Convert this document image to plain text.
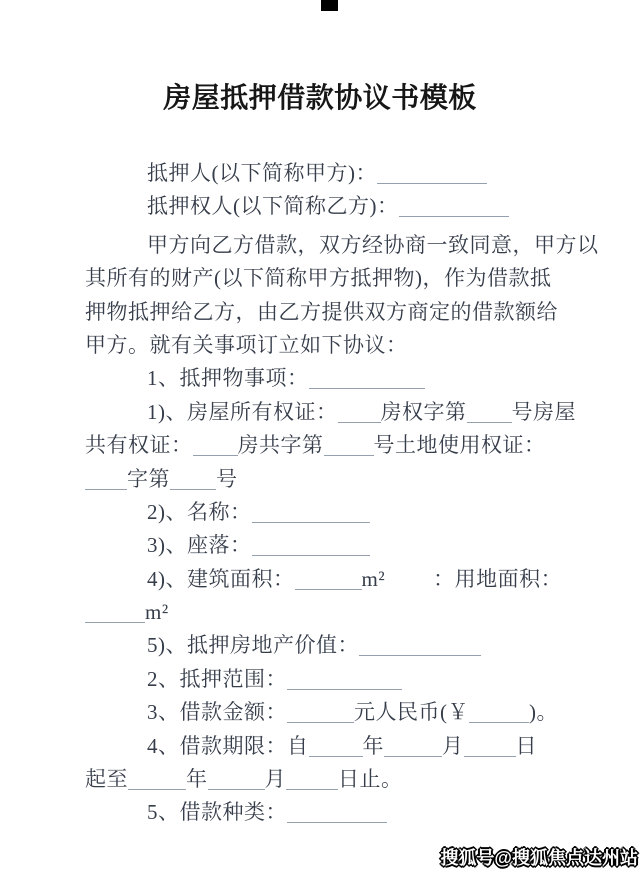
房屋抵押借款协议书模板
抵押人(以下简称甲方)：
抵押权人(以下简称乙方)：
甲方向乙方借款，双方经协商一致同意，甲方以
其所有的财产(以下简称甲方抵押物)，作为借款抵
押物抵押给乙方，由乙方提供双方商定的借款额给
甲方。就有关事项订立如下协议：
1、抵押物事项：
1)、房屋所有权证： 房权字第 号房屋
共有权证： 房共字第 号土地使用权证：
字第 号
2)、名称：
3)、座落：
4)、建筑面积：	m² ：用地面积：
m²
5)、抵押房地产价值：
2、抵押范围：
3、借款金额：	元人民币(￥	)。
4、借款期限：自	年	月 日
起至	年	月 日止。
5、借款种类：
搜狐号@搜狐焦点达州站
